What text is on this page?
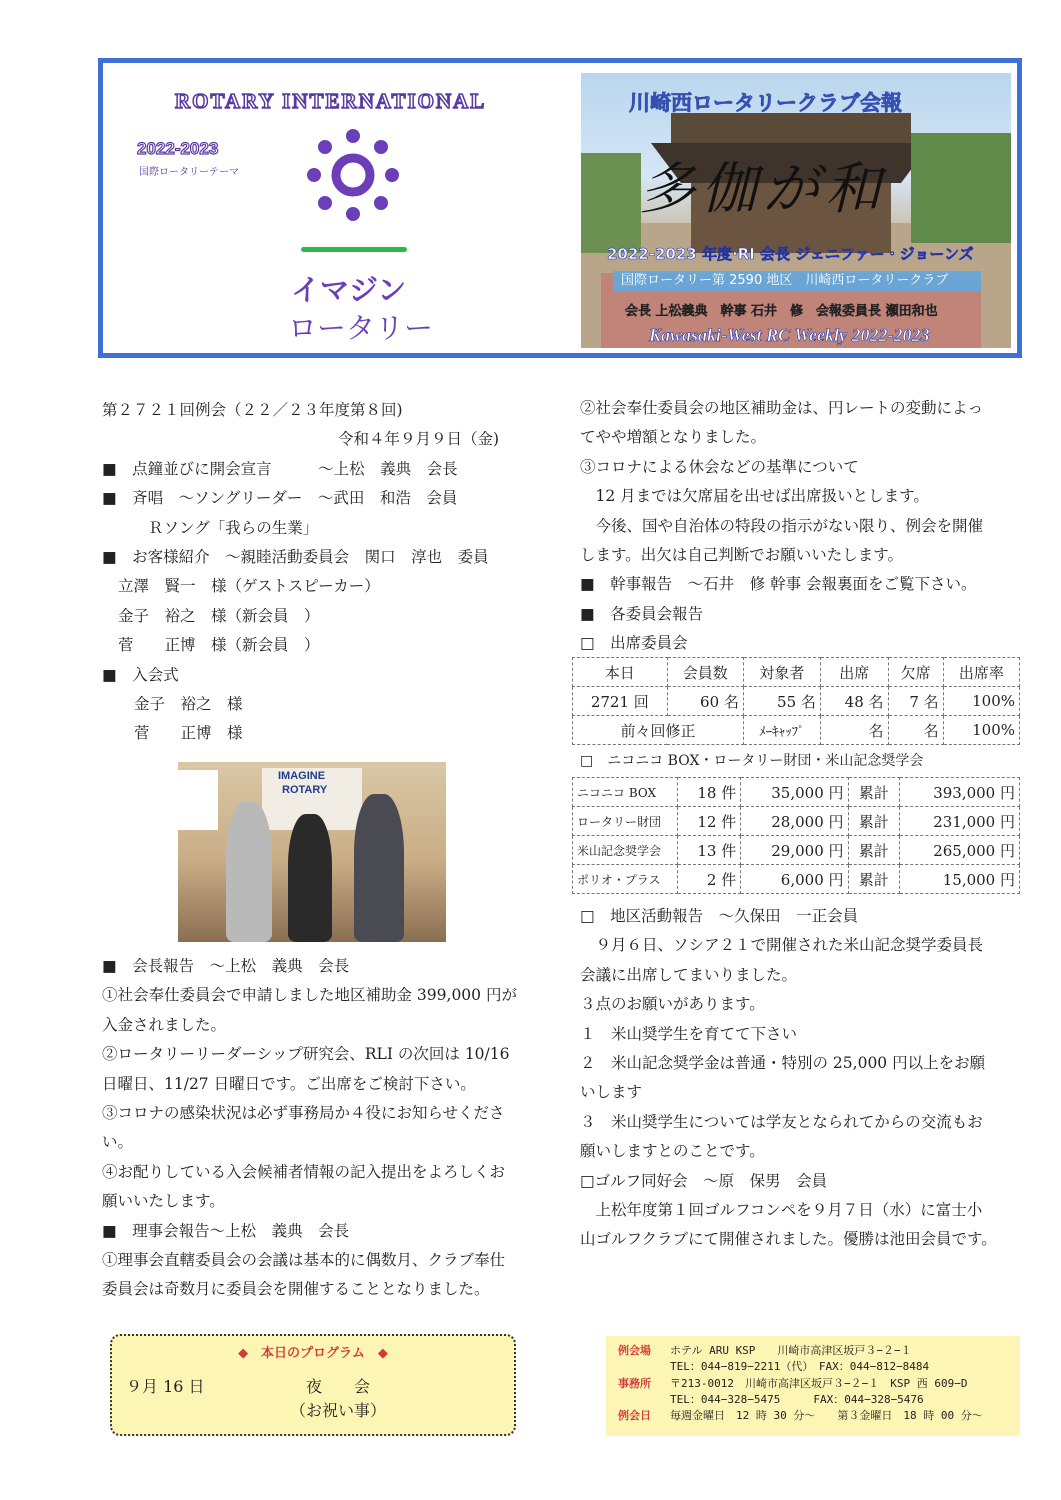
ROTARY INTERNATIONAL
2022-2023
国際ロータリーテーマ
イマジン
ロータリー
川崎西ロータリークラブ会報
多伽が和
2022-2023 年度·RI 会長 ジェニファー・ジョーンズ
国際ロータリー第 2590 地区　川崎西ロータリークラブ
会長 上松義典　幹事 石井　修　会報委員長 瀬田和也
Kawasaki-West RC Weekly 2022-2023

第２７２１回例会（２２／２３年度第８回)

令和４年９月９日（金)

■　点鐘並びに開会宣言　　　～上松　義典　会長

■　斉唱　～ソングリーダー　～武田　和浩　会員

Ｒソング「我らの生業」

■　お客様紹介　～親睦活動委員会　関口　淳也　委員

立澤　賢一　様（ゲストスピーカー）

金子　裕之　様（新会員　）

菅　　正博　様（新会員　）

■　入会式

金子　裕之　様

菅　　正博　様

IMAGINE
ROTARY

■　会長報告　～上松　義典　会長

①社会奉仕委員会で申請しました地区補助金 399,000 円が

入金されました。

②ロータリーリーダーシップ研究会、RLI の次回は 10/16

日曜日、11/27 日曜日です。ご出席をご検討下さい。

③コロナの感染状況は必ず事務局か４役にお知らせくださ

い。

④お配りしている入会候補者情報の記入提出をよろしくお

願いいたします。

■　理事会報告～上松　義典　会長

①理事会直轄委員会の会議は基本的に偶数月、クラブ奉仕

委員会は奇数月に委員会を開催することとなりました。

②社会奉仕委員会の地区補助金は、円レートの変動によっ

てやや増額となりました。

③コロナによる休会などの基準について

　12 月までは欠席届を出せば出席扱いとします。

　今後、国や自治体の特段の指示がない限り、例会を開催

します。出欠は自己判断でお願いいたします。

■　幹事報告　～石井　修 幹事 会報裏面をご覧下さい。

■　各委員会報告

□　出席委員会

本日	会員数	対象者	出席	欠席	出席率
2721 回	60 名	55 名	48 名	7 名	100%
前々回修正		ﾒｰｷｬｯﾌﾟ	名	名	100%
□　ニコニコ BOX・ロータリー財団・米山記念奨学会
ニコニコ BOX	18 件	35,000 円	累計	393,000 円
ロータリー財団	12 件	28,000 円	累計	231,000 円
米山記念奨学会	13 件	29,000 円	累計	265,000 円
ポリオ・プラス	2 件	6,000 円	累計	15,000 円

□　地区活動報告　～久保田　一正会員

　９月６日、ソシア２１で開催された米山記念奨学委員長

会議に出席してまいりました。

３点のお願いがあります。

１　米山奨学生を育てて下さい

２　米山記念奨学金は普通・特別の 25,000 円以上をお願

いします

３　米山奨学生については学友となられてからの交流もお

願いしますとのことです。

□ゴルフ同好会　～原　保男　会員

　上松年度第１回ゴルフコンペを９月７日（水）に富士小

山ゴルフクラブにて開催されました。優勝は池田会員です。

◆　本日のプログラム　◆
９月 16 日	夜　　会
（お祝い事）
例会場 ホテル ARU KSP　　川崎市高津区坂戸３−２−１
TEL：044−819−2211（代）　FAX：044−812−8484
事務所 〒213-0012　川崎市高津区坂戸３−２−１　KSP 西 609−D
TEL：044−328−5475　　　FAX：044−328−5476
例会日 毎週金曜日　12 時 30 分～　　第３金曜日　18 時 00 分～
